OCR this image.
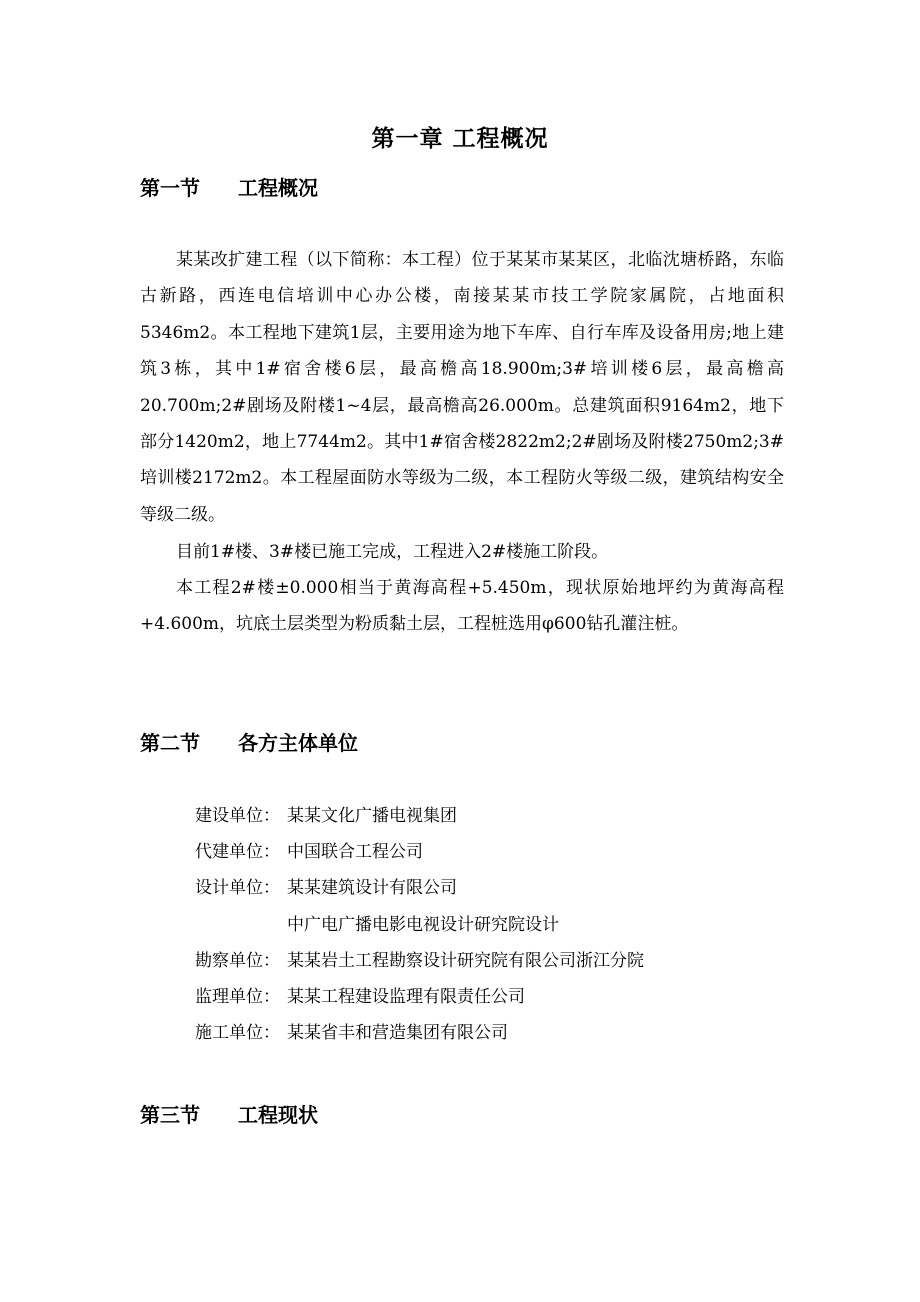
第一章 工程概况
第一节 工程概况

某某改扩建工程（以下简称：本工程）位于某某市某某区，北临沈塘桥路，东临古新路，西连电信培训中心办公楼，南接某某市技工学院家属院，占地面积5346m2。本工程地下建筑1层，主要用途为地下车库、自行车库及设备用房;地上建筑3栋，其中1#宿舍楼6层，最高檐高18.900m;3#培训楼6层，最高檐高20.700m;2#剧场及附楼1~4层，最高檐高26.000m。总建筑面积9164m2，地下部分1420m2，地上7744m2。其中1#宿舍楼2822m2;2#剧场及附楼2750m2;3#培训楼2172m2。本工程屋面防水等级为二级，本工程防火等级二级，建筑结构安全等级二级。

目前1#楼、3#楼已施工完成，工程进入2#楼施工阶段。

本工程2#楼±0.000相当于黄海高程+5.450m，现状原始地坪约为黄海高程+4.600m，坑底土层类型为粉质黏土层，工程桩选用φ600钻孔灌注桩。

第二节 各方主体单位
建设单位： 某某文化广播电视集团
代建单位： 中国联合工程公司
设计单位： 某某建筑设计有限公司
中广电广播电影电视设计研究院设计
勘察单位： 某某岩土工程勘察设计研究院有限公司浙江分院
监理单位： 某某工程建设监理有限责任公司
施工单位： 某某省丰和营造集团有限公司
第三节 工程现状
